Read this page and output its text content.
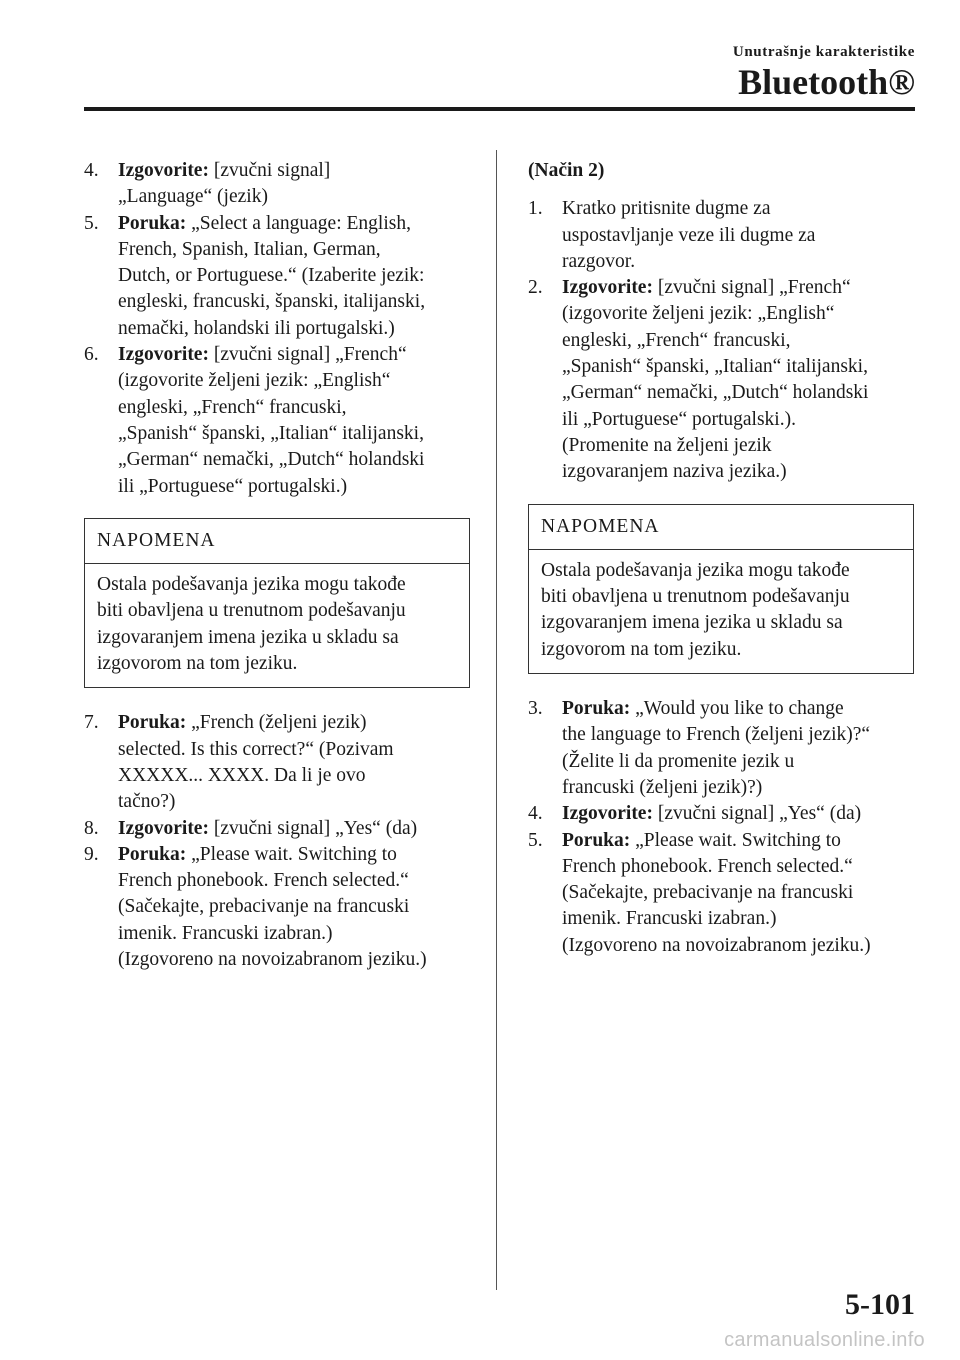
Unutrašnje karakteristike
Bluetooth®
4. Izgovorite: [zvučni signal]
„Language“ (jezik)
5. Poruka: „Select a language: English,
French, Spanish, Italian, German,
Dutch, or Portuguese.“ (Izaberite jezik:
engleski, francuski, španski, italijanski,
nemački, holandski ili portugalski.)
6. Izgovorite: [zvučni signal] „French“
(izgovorite željeni jezik: „English“
engleski, „French“ francuski,
„Spanish“ španski, „Italian“ italijanski,
„German“ nemački, „Dutch“ holandski
ili „Portuguese“ portugalski.)
NAPOMENA
Ostala podešavanja jezika mogu takođe
biti obavljena u trenutnom podešavanju
izgovaranjem imena jezika u skladu sa
izgovorom na tom jeziku.
7. Poruka: „French (željeni jezik)
selected. Is this correct?“ (Pozivam
XXXXX... XXXX. Da li je ovo
tačno?)
8. Izgovorite: [zvučni signal] „Yes“ (da)
9. Poruka: „Please wait. Switching to
French phonebook. French selected.“
(Sačekajte, prebacivanje na francuski
imenik. Francuski izabran.)
(Izgovoreno na novoizabranom jeziku.)
(Način 2)
1. Kratko pritisnite dugme za
uspostavljanje veze ili dugme za
razgovor.
2. Izgovorite: [zvučni signal] „French“
(izgovorite željeni jezik: „English“
engleski, „French“ francuski,
„Spanish“ španski, „Italian“ italijanski,
„German“ nemački, „Dutch“ holandski
ili „Portuguese“ portugalski.).
(Promenite na željeni jezik
izgovaranjem naziva jezika.)
NAPOMENA
Ostala podešavanja jezika mogu takođe
biti obavljena u trenutnom podešavanju
izgovaranjem imena jezika u skladu sa
izgovorom na tom jeziku.
3. Poruka: „Would you like to change
the language to French (željeni jezik)?“
(Želite li da promenite jezik u
francuski (željeni jezik)?)
4. Izgovorite: [zvučni signal] „Yes“ (da)
5. Poruka: „Please wait. Switching to
French phonebook. French selected.“
(Sačekajte, prebacivanje na francuski
imenik. Francuski izabran.)
(Izgovoreno na novoizabranom jeziku.)
5-101
carmanualsonline.info
